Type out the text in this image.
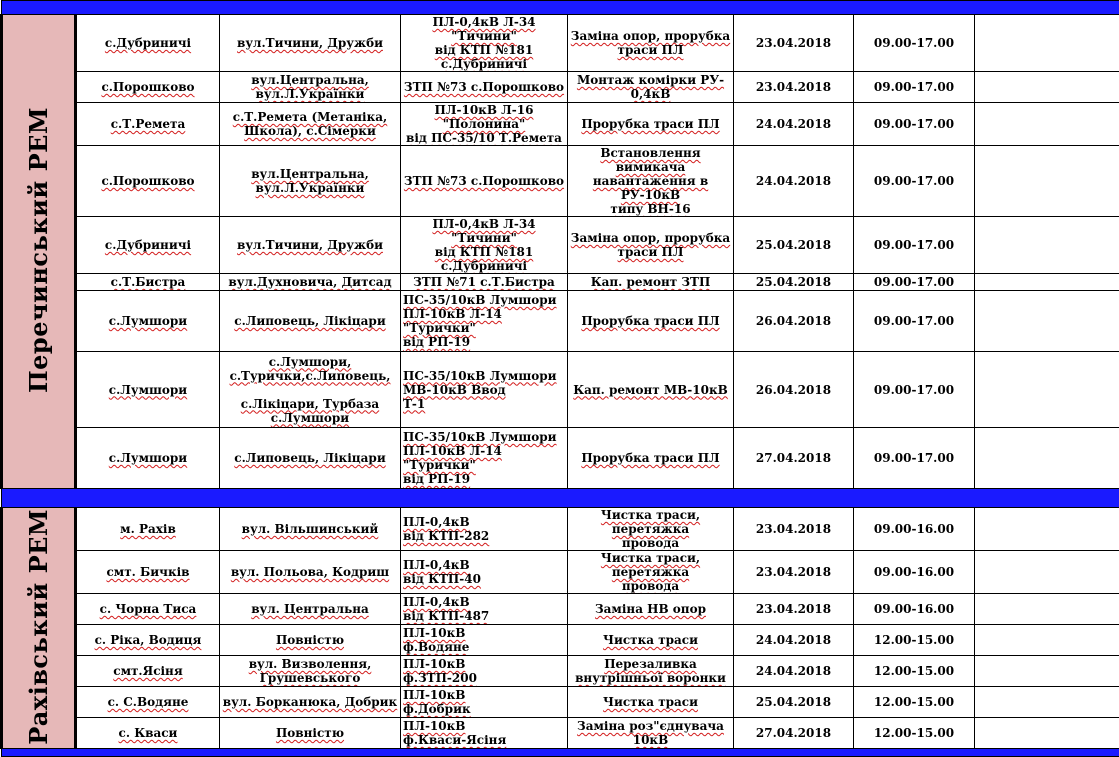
Перечинський РЕМ	с.Дубриничі	вул.Тичини, Дружби	ПЛ-0,4кВ Л-34 "Тичини"
від КТП №181
с.Дубриничі	Заміна опор, прорубка
траси ПЛ	23.04.2018	09.00-17.00	
	с.Порошково	вул.Центральна,
вул.Л.Українки	ЗТП №73 с.Порошково	Монтаж комірки РУ-
0,4кВ	23.04.2018	09.00-17.00	
	с.Т.Ремета	с.Т.Ремета (Метаніка,
Школа), с.Сімерки	ПЛ-10кВ Л-16 "Полонина"
від ПС-35/10 Т.Ремета	Прорубка траси ПЛ	24.04.2018	09.00-17.00	
	с.Порошково	вул.Центральна,
вул.Л.Українки	ЗТП №73 с.Порошково	Встановлення вимикача
навантаження в РУ-10кВ
типу ВН-16	24.04.2018	09.00-17.00	
	с.Дубриничі	вул.Тичини, Дружби	ПЛ-0,4кВ Л-34 "Тичини"
від КТП №181
с.Дубриничі	Заміна опор, прорубка
траси ПЛ	25.04.2018	09.00-17.00	
	с.Т.Бистра	вул.Духновича, Дитсад	ЗТП №71 с.Т.Бистра	Кап. ремонт ЗТП	25.04.2018	09.00-17.00	
	с.Лумшори	с.Липовець, Лікіцари	ПС-35/10кВ Лумшори
ПЛ-10кВ Л-14
"Турички"
від РП-19	Прорубка траси ПЛ	26.04.2018	09.00-17.00	
	с.Лумшори	с.Лумшори,
с.Турички,с.Липовець,

с.Лікіцари, Турбаза
с.Лумшори	ПС-35/10кВ Лумшори
МВ-10кВ Ввод
Т-1	Кап. ремонт МВ-10кВ	26.04.2018	09.00-17.00	
	с.Лумшори	с.Липовець, Лікіцари	ПС-35/10кВ Лумшори
ПЛ-10кВ Л-14
"Турички"
від РП-19	Прорубка траси ПЛ	27.04.2018	09.00-17.00	

Рахівський РЕМ	м. Рахів	вул. Вільшинський	ПЛ-0,4кВ
від КТП-282	Чистка траси, перетяжка
провода	23.04.2018	09.00-16.00	
	смт. Бичків	вул. Польова, Кодриш	ПЛ-0,4кВ
від КТП-40	Чистка траси, перетяжка
провода	23.04.2018	09.00-16.00	
	с. Чорна Тиса	вул. Центральна	ПЛ-0,4кВ
від КТП-487	Заміна НВ опор	23.04.2018	09.00-16.00	
	с. Ріка, Водиця	Повністю	ПЛ-10кВ
ф.Водяне	Чистка траси	24.04.2018	12.00-15.00	
	смт.Ясіня	вул. Визволення,
Грушевського	ПЛ-10кВ
ф.ЗТП-200	Перезаливка
внутрішньої воронки	24.04.2018	12.00-15.00	
	с. С.Водяне	вул. Борканюка, Добрик	ПЛ-10кВ
ф.Добрик	Чистка траси	25.04.2018	12.00-15.00	
	с. Кваси	Повністю	ПЛ-10кВ
ф.Кваси-Ясіня	Заміна роз"єднувача
10кВ	27.04.2018	12.00-15.00	
